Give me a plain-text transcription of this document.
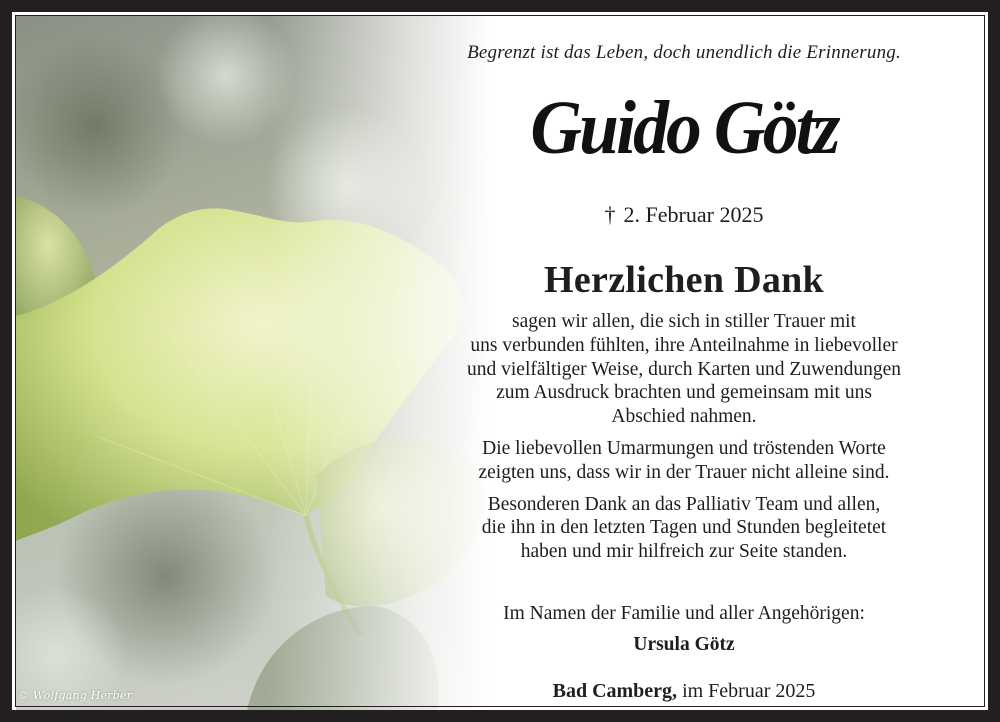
© Wolfgang Herber
Begrenzt ist das Leben, doch unendlich die Erinnerung.
Guido Götz
† 2. Februar 2025
Herzlichen Dank

sagen wir allen, die sich in stiller Trauer mit
uns verbunden fühlten, ihre Anteilnahme in liebevoller
und vielfältiger Weise, durch Karten und Zuwendungen
zum Ausdruck brachten und gemeinsam mit uns
Abschied nahmen.

Die liebevollen Umarmungen und tröstenden Worte
zeigten uns, dass wir in der Trauer nicht alleine sind.

Besonderen Dank an das Palliativ Team und allen,
die ihn in den letzten Tagen und Stunden begleitetet
haben und mir hilfreich zur Seite standen.

Im Namen der Familie und aller Angehörigen:
Ursula Götz
Bad Camberg, im Februar 2025
